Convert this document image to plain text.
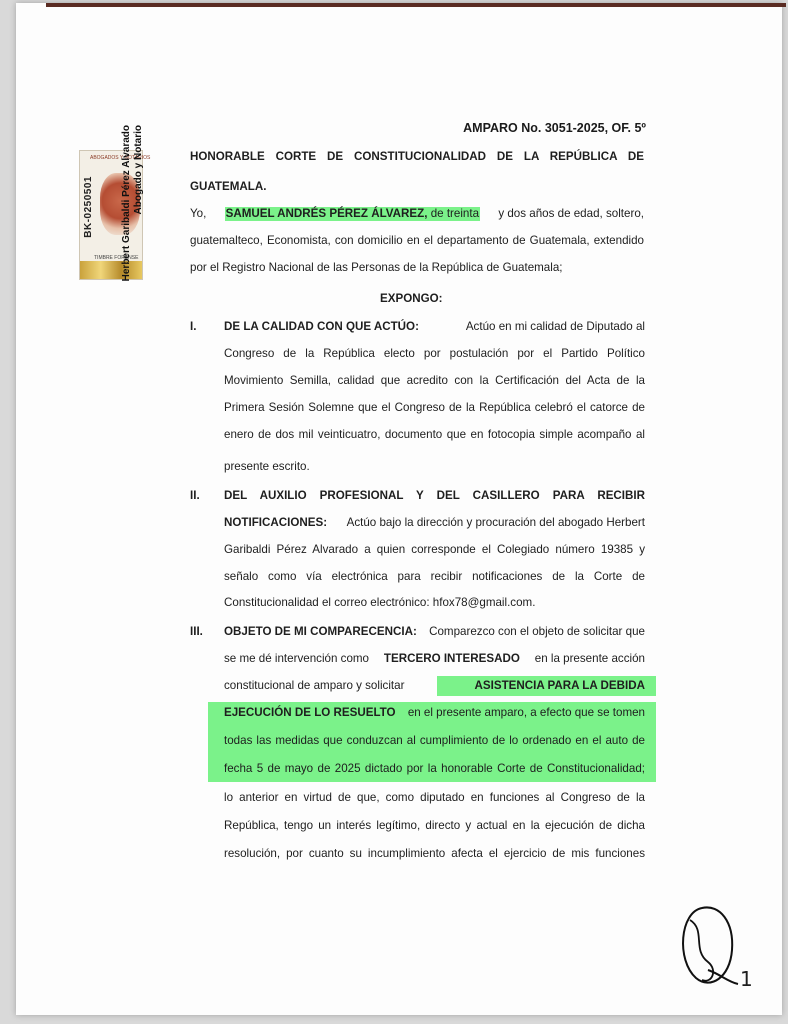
AMPARO No. 3051-2025, OF. 5º
ABOGADOS Y NOTARIOS
BK-0250501
TIMBRE FORENSE
Herbert Garibaldi Pérez Alvarado Abogado y Notario	HONORABLE CORTE DE CONSTITUCIONALIDAD DE LA REPÚBLICA DE
GUATEMALA.
Yo, SAMUEL ANDRÉS PÉREZ ÁLVAREZ, de treinta y dos años de edad, soltero,
guatemalteco, Economista, con domicilio en el departamento de Guatemala, extendido
por el Registro Nacional de las Personas de la República de Guatemala;
EXPONGO:
I. DE LA CALIDAD CON QUE ACTÚO:	Actúo en mi calidad de Diputado al
Congreso de la República electo por postulación por el Partido Político
Movimiento Semilla, calidad que acredito con la Certificación del Acta de la
Primera Sesión Solemne que el Congreso de la República celebró el catorce de
enero de dos mil veinticuatro, documento que en fotocopia simple acompaño al
presente escrito.
II. DEL AUXILIO PROFESIONAL Y DEL CASILLERO PARA RECIBIR
NOTIFICACIONES: Actúo bajo la dirección y procuración del abogado Herbert
Garibaldi Pérez Alvarado a quien corresponde el Colegiado número 19385 y
señalo como vía electrónica para recibir notificaciones de la Corte de
Constitucionalidad el correo electrónico: hfox78@gmail.com.
III. OBJETO DE MI COMPARECENCIA: Comparezco con el objeto de solicitar que
se me dé intervención como TERCERO INTERESADO en la presente acción
constitucional de amparo y solicitar	ASISTENCIA PARA LA DEBIDA
EJECUCIÓN DE LO RESUELTO en el presente amparo, a efecto que se tomen
todas las medidas que conduzcan al cumplimiento de lo ordenado en el auto de
fecha 5 de mayo de 2025 dictado por la honorable Corte de Constitucionalidad;
lo anterior en virtud de que, como diputado en funciones al Congreso de la
República, tengo un interés legítimo, directo y actual en la ejecución de dicha
resolución, por cuanto su incumplimiento afecta el ejercicio de mis funciones
1
